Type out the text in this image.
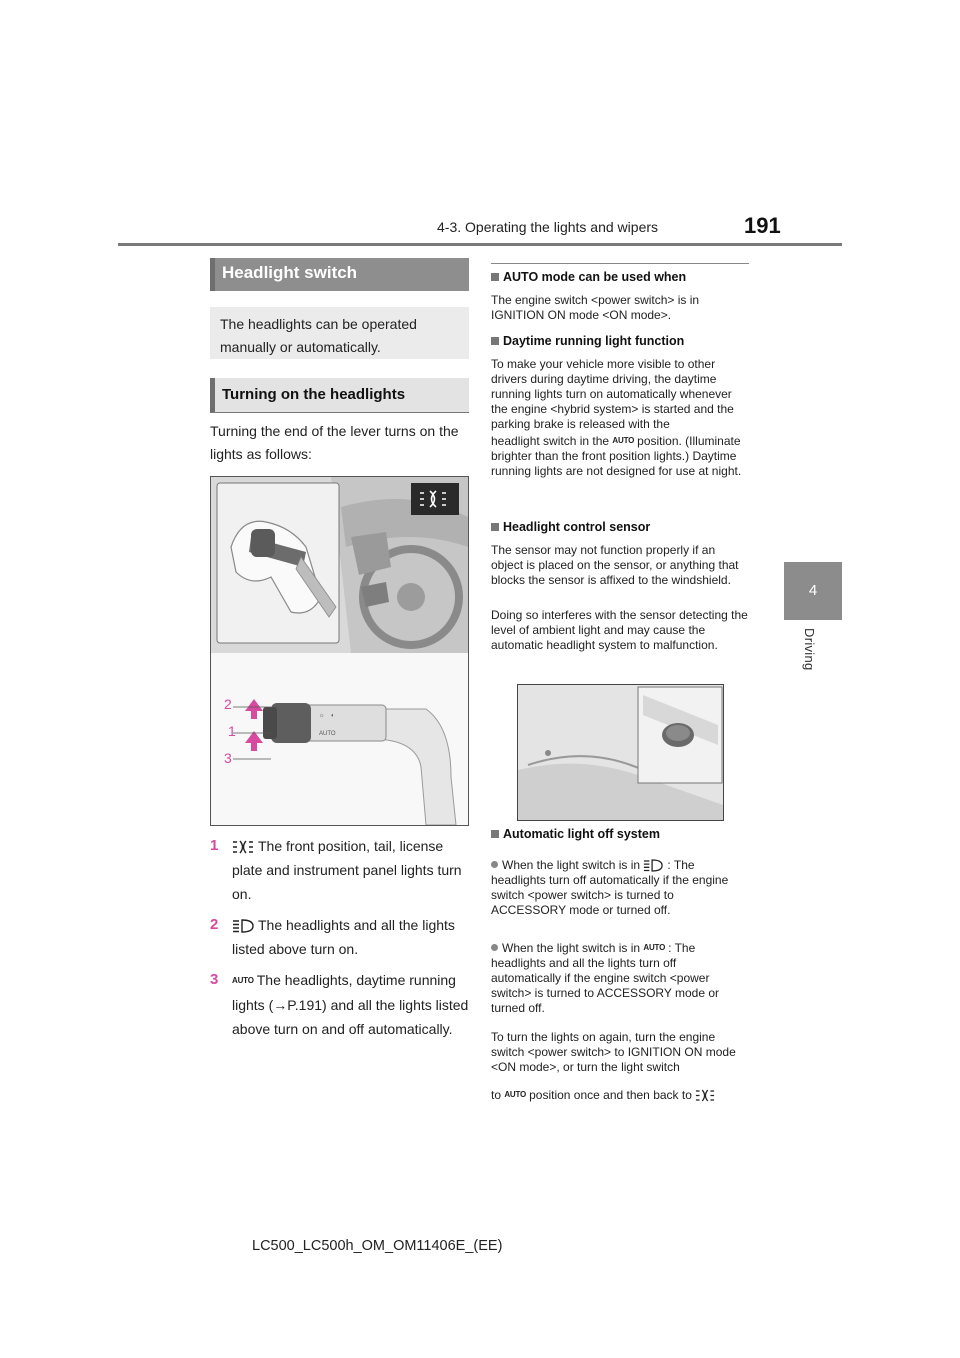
4-3. Operating the lights and wipers	191
4
Driving
Headlight switch
The headlights can be operated manually or automatically.
Turning on the headlights
Turning the end of the lever turns on the lights as follows:
☼ ◐
AUTO
2
1
3
1	The front position, tail, license plate and instrument panel lights turn on.
2	The headlights and all the lights listed above turn on.
3 AUTO The headlights, daytime running lights (→P.191) and all the lights listed above turn on and off automatically.
AUTO mode can be used when
The engine switch <power switch> is in IGNITION ON mode <ON mode>.
Daytime running light function
To make your vehicle more visible to other drivers during daytime driving, the daytime running lights turn on automatically whenever the engine <hybrid system> is started and the parking brake is released with the
headlight switch in the AUTO position. (Illuminate brighter than the front position lights.) Daytime running lights are not designed for use at night.
Headlight control sensor
The sensor may not function properly if an object is placed on the sensor, or anything that blocks the sensor is affixed to the windshield.
Doing so interferes with the sensor detecting the level of ambient light and may cause the automatic headlight system to malfunction.
Automatic light off system
When the light switch is in : The headlights turn off automatically if the engine switch <power switch> is turned to ACCESSORY mode or turned off.
When the light switch is in AUTO : The headlights and all the lights turn off automatically if the engine switch <power switch> is turned to ACCESSORY mode or turned off.
To turn the lights on again, turn the engine switch <power switch> to IGNITION ON mode <ON mode>, or turn the light switch
to AUTO position once and then back to
LC500_LC500h_OM_OM11406E_(EE)
